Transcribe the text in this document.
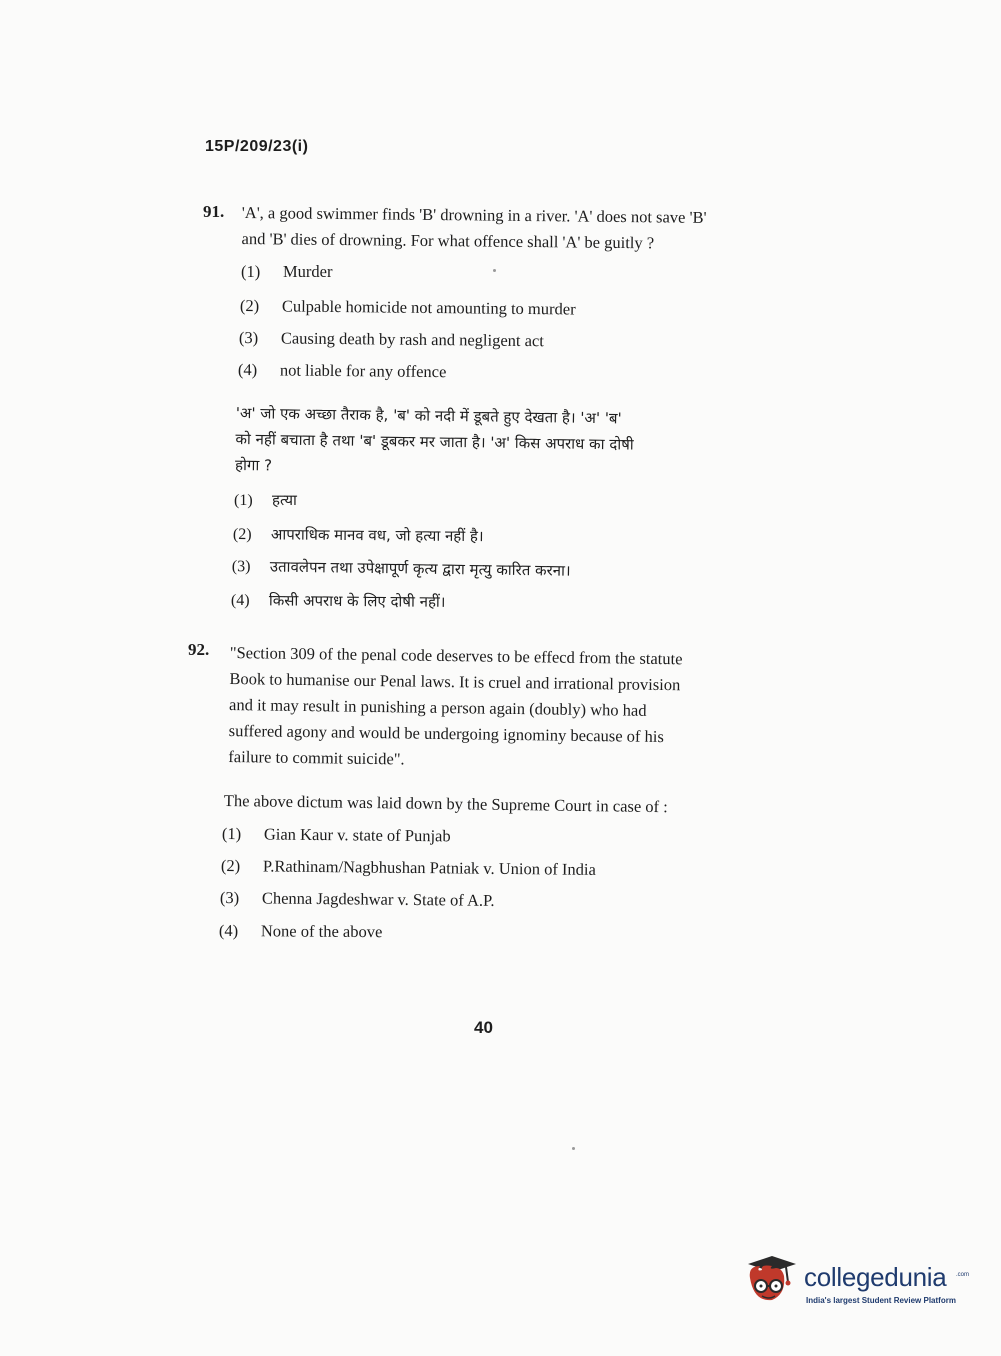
15P/209/23(i)
91. 'A', a good swimmer finds 'B' drowning in a river. 'A' does not save 'B'
and 'B' dies of drowning. For what offence shall 'A' be guitly ?
(1) Murder
(2) Culpable homicide not amounting to murder
(3) Causing death by rash and negligent act
(4) not liable for any offence
'अ' जो एक अच्छा तैराक है, 'ब' को नदी में डूबते हुए देखता है। 'अ' 'ब'
को नहीं बचाता है तथा 'ब' डूबकर मर जाता है। 'अ' किस अपराध का दोषी
होगा ?
(1) हत्या
(2) आपराधिक मानव वध, जो हत्या नहीं है।
(3) उतावलेपन तथा उपेक्षापूर्ण कृत्य द्वारा मृत्यु कारित करना।
(4) किसी अपराध के लिए दोषी नहीं।
92. "Section 309 of the penal code deserves to be effecd from the statute
Book to humanise our Penal laws. It is cruel and irrational provision
and it may result in punishing a person again (doubly) who had
suffered agony and would be undergoing ignominy because of his
failure to commit suicide".
The above dictum was laid down by the Supreme Court in case of :
(1) Gian Kaur v. state of Punjab
(2) P.Rathinam/Nagbhushan Patniak v. Union of India
(3) Chenna Jagdeshwar v. State of A.P.
(4) None of the above
40
collegedunia .com
India's largest Student Review Platform
